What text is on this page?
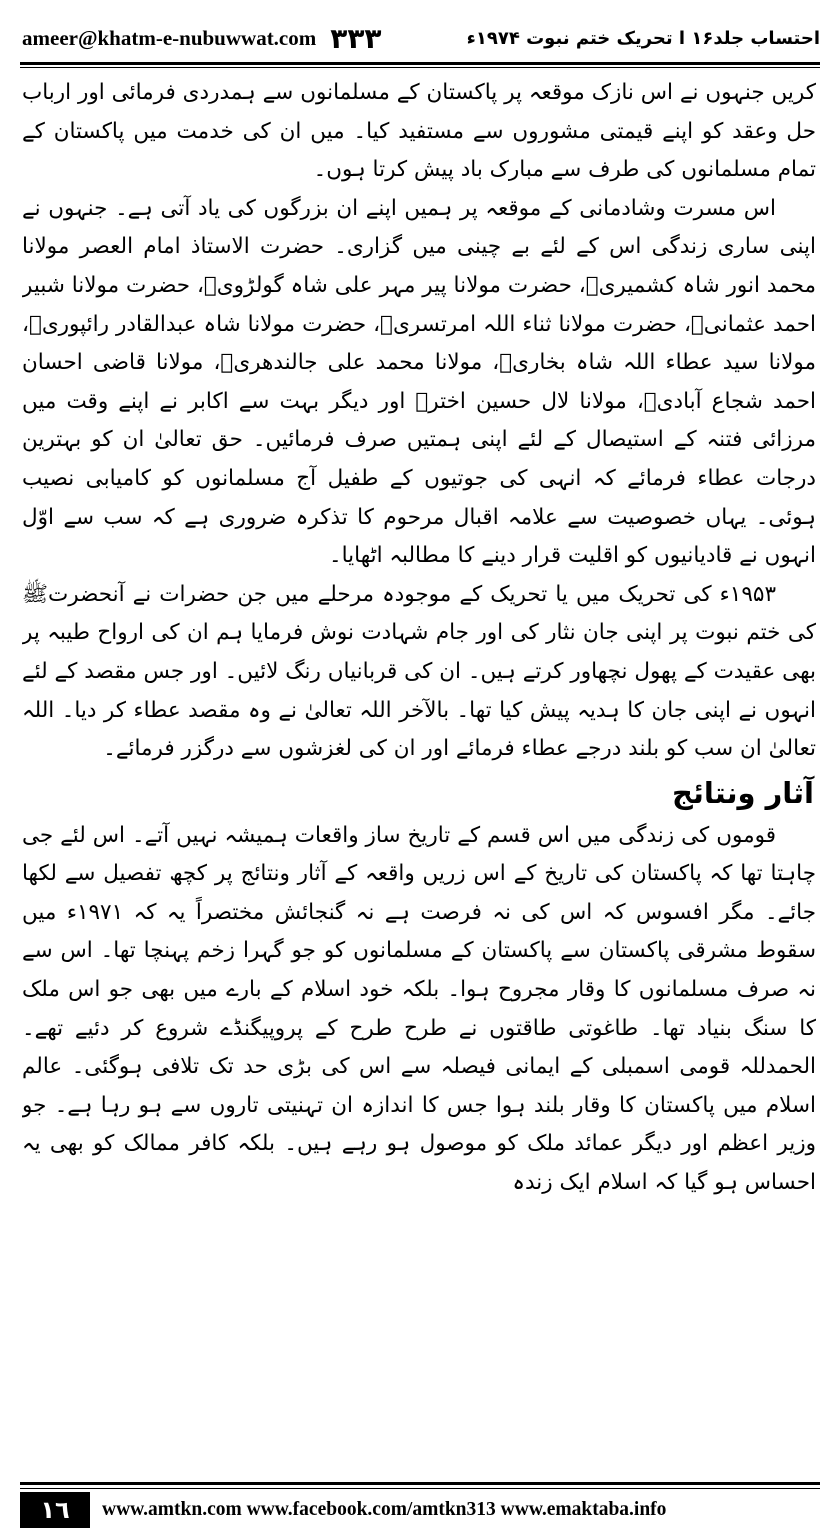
ameer@khatm-e-nubuwwat.com ٣٣٣	احتساب جلد۱۶ ا تحریک ختم نبوت ۱۹۷۴ء

کریں جنہوں نے اس نازک موقعہ پر پاکستان کے مسلمانوں سے ہمدردی فرمائی اور ارباب حل وعقد کو اپنے قیمتی مشوروں سے مستفید کیا۔ میں ان کی خدمت میں پاکستان کے تمام مسلمانوں کی طرف سے مبارک باد پیش کرتا ہوں۔

اس مسرت وشادمانی کے موقعہ پر ہمیں اپنے ان بزرگوں کی یاد آتی ہے۔ جنہوں نے اپنی ساری زندگی اس کے لئے بے چینی میں گزاری۔ حضرت الاستاذ امام العصر مولانا محمد انور شاہ کشمیریؒ، حضرت مولانا پیر مہر علی شاہ گولڑویؒ، حضرت مولانا شبیر احمد عثمانیؒ، حضرت مولانا ثناء اللہ امرتسریؒ، حضرت مولانا شاہ عبدالقادر رائپوریؒ، مولانا سید عطاء اللہ شاہ بخاریؒ، مولانا محمد علی جالندھریؒ، مولانا قاضی احسان احمد شجاع آبادیؒ، مولانا لال حسین اخترؒ اور دیگر بہت سے اکابر نے اپنے وقت میں مرزائی فتنہ کے استیصال کے لئے اپنی ہمتیں صرف فرمائیں۔ حق تعالیٰ ان کو بہترین درجات عطاء فرمائے کہ انہی کی جوتیوں کے طفیل آج مسلمانوں کو کامیابی نصیب ہوئی۔ یہاں خصوصیت سے علامہ اقبال مرحوم کا تذکرہ ضروری ہے کہ سب سے اوّل انہوں نے قادیانیوں کو اقلیت قرار دینے کا مطالبہ اٹھایا۔

۱۹۵۳ء کی تحریک میں یا تحریک کے موجودہ مرحلے میں جن حضرات نے آنحضرتﷺ کی ختم نبوت پر اپنی جان نثار کی اور جام شہادت نوش فرمایا ہم ان کی ارواح طیبہ پر بھی عقیدت کے پھول نچھاور کرتے ہیں۔ ان کی قربانیاں رنگ لائیں۔ اور جس مقصد کے لئے انہوں نے اپنی جان کا ہدیہ پیش کیا تھا۔ بالآخر اللہ تعالیٰ نے وہ مقصد عطاء کر دیا۔ اللہ تعالیٰ ان سب کو بلند درجے عطاء فرمائے اور ان کی لغزشوں سے درگزر فرمائے۔

آثار ونتائج

قوموں کی زندگی میں اس قسم کے تاریخ ساز واقعات ہمیشہ نہیں آتے۔ اس لئے جی چاہتا تھا کہ پاکستان کی تاریخ کے اس زریں واقعہ کے آثار ونتائج پر کچھ تفصیل سے لکھا جائے۔ مگر افسوس کہ اس کی نہ فرصت ہے نہ گنجائش مختصراً یہ کہ ۱۹۷۱ء میں سقوط مشرقی پاکستان سے پاکستان کے مسلمانوں کو جو گہرا زخم پہنچا تھا۔ اس سے نہ صرف مسلمانوں کا وقار مجروح ہوا۔ بلکہ خود اسلام کے بارے میں بھی جو اس ملک کا سنگ بنیاد تھا۔ طاغوتی طاقتوں نے طرح طرح کے پروپیگنڈے شروع کر دئیے تھے۔ الحمدللہ قومی اسمبلی کے ایمانی فیصلہ سے اس کی بڑی حد تک تلافی ہوگئی۔ عالم اسلام میں پاکستان کا وقار بلند ہوا جس کا اندازہ ان تہنیتی تاروں سے ہو رہا ہے۔ جو وزیر اعظم اور دیگر عمائد ملک کو موصول ہو رہے ہیں۔ بلکہ کافر ممالک کو بھی یہ احساس ہو گیا کہ اسلام ایک زندہ

١٦	www.amtkn.com www.facebook.com/amtkn313 www.emaktaba.info
